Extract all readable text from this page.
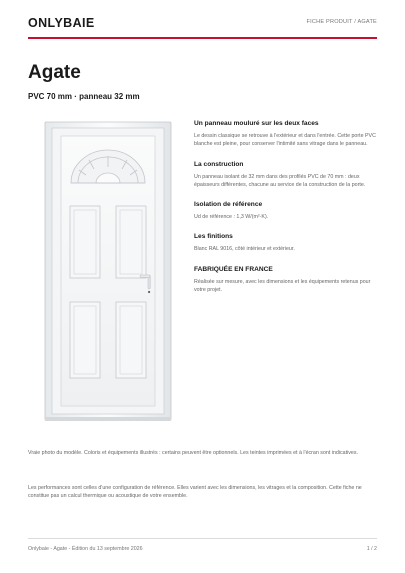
ONLYBAIE	FICHE PRODUIT / AGATE
Agate
PVC 70 mm · panneau 32 mm
Un panneau mouluré sur les deux faces
Le dessin classique se retrouve à l'extérieur et dans l'entrée. Cette porte PVC blanche est pleine, pour conserver l'intimité sans vitrage dans le panneau.
La construction
Un panneau isolant de 32 mm dans des profilés PVC de 70 mm : deux épaisseurs différentes, chacune au service de la construction de la porte.
Isolation de référence
Ud de référence : 1,3 W/(m²·K).
Les finitions
Blanc RAL 9016, côté intérieur et extérieur.
FABRIQUÉE EN FRANCE
Réalisée sur mesure, avec les dimensions et les équipements retenus pour votre projet.
Vraie photo du modèle. Coloris et équipements illustrés : certains peuvent être optionnels. Les teintes imprimées et à l'écran sont indicatives.
Les performances sont celles d'une configuration de référence. Elles varient avec les dimensions, les vitrages et la composition. Cette fiche ne constitue pas un calcul thermique ou acoustique de votre ensemble.
Onlybaie - Agate - Édition du 13 septembre 2026	1 / 2
